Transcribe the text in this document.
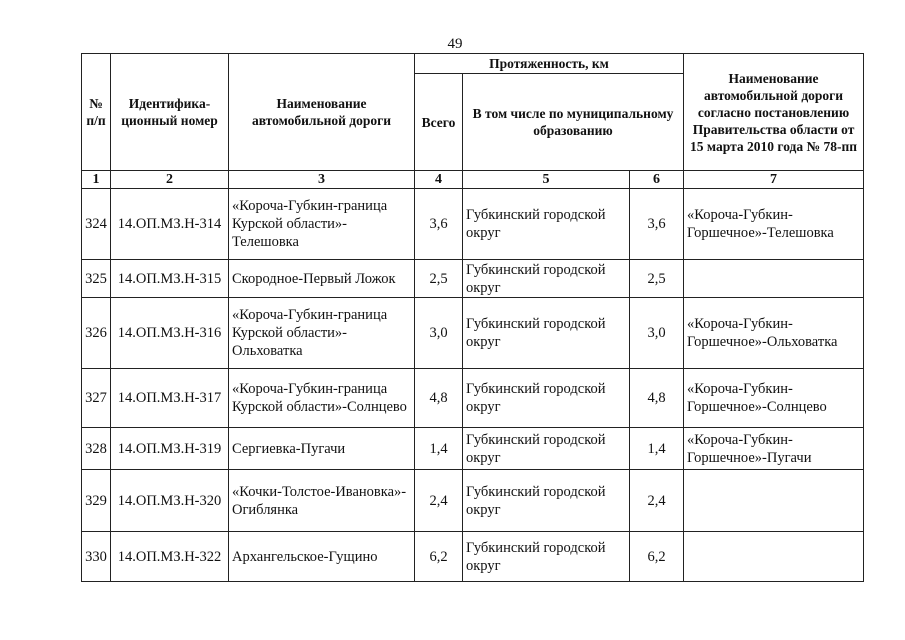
49
№ п/п	Идентифика-ционный номер	Наименование автомобильной дороги	Протяженность, км			Наименование автомобильной дороги согласно постановлению Правительства области от 15 марта 2010 года № 78-пп
			Всего	В том числе по муниципальному образованию		
1	2	3	4	5	6	7
324	14.ОП.МЗ.Н-314	«Короча-Губкин-граница Курской области»-Телешовка	3,6	Губкинский городской округ	3,6	«Короча-Губкин-Горшечное»-Телешовка
325	14.ОП.МЗ.Н-315	Скородное-Первый Ложок	2,5	Губкинский городской округ	2,5	
326	14.ОП.МЗ.Н-316	«Короча-Губкин-граница Курской области»-Ольховатка	3,0	Губкинский городской округ	3,0	«Короча-Губкин-Горшечное»-Ольховатка
327	14.ОП.МЗ.Н-317	«Короча-Губкин-граница Курской области»-Солнцево	4,8	Губкинский городской округ	4,8	«Короча-Губкин-Горшечное»-Солнцево
328	14.ОП.МЗ.Н-319	Сергиевка-Пугачи	1,4	Губкинский городской округ	1,4	«Короча-Губкин-Горшечное»-Пугачи
329	14.ОП.МЗ.Н-320	«Кочки-Толстое-Ивановка»-Огиблянка	2,4	Губкинский городской округ	2,4	
330	14.ОП.МЗ.Н-322	Архангельское-Гущино	6,2	Губкинский городской округ	6,2	
